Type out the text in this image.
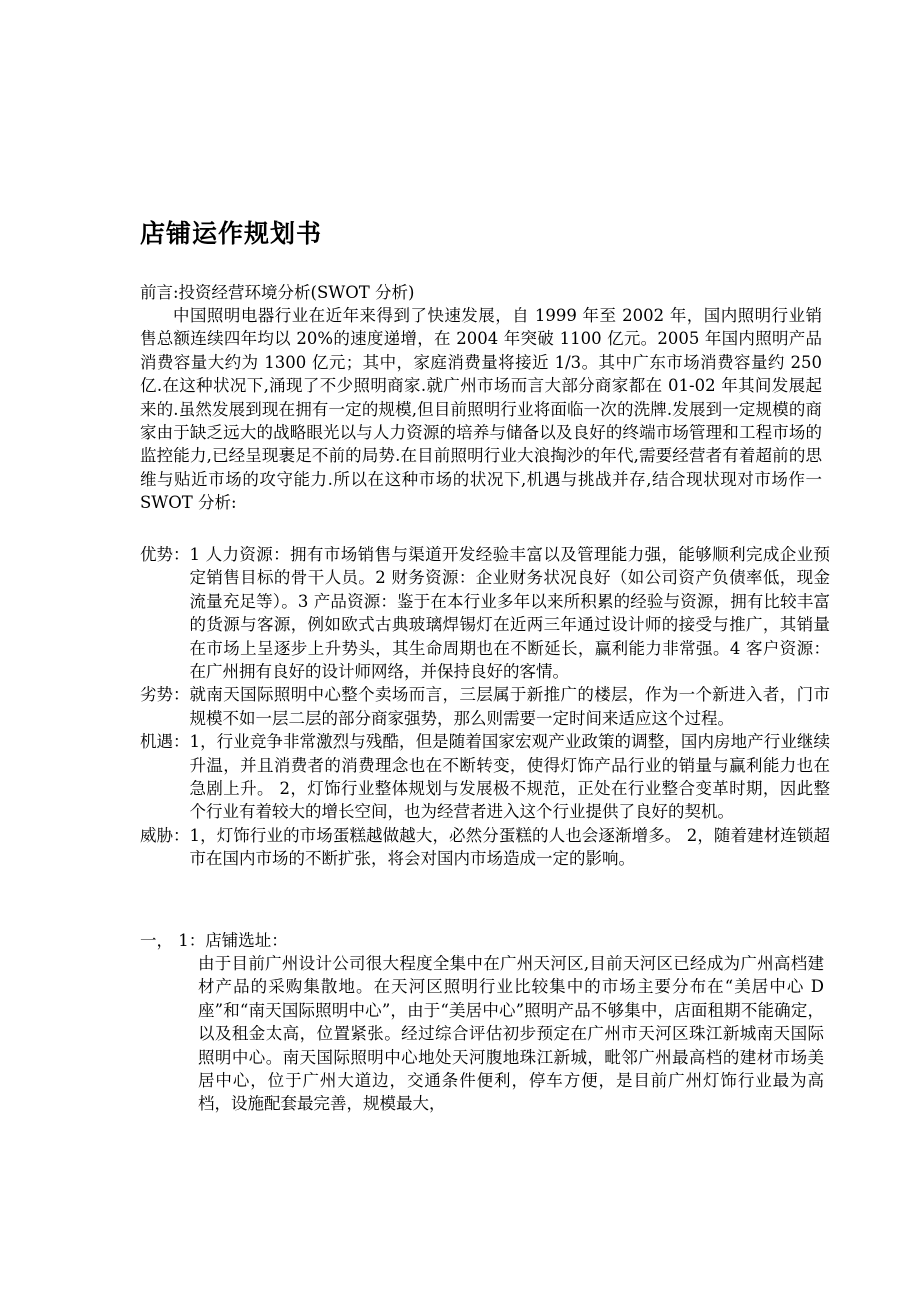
店铺运作规划书
前言:投资经营环境分析(SWOT 分析)

中国照明电器行业在近年来得到了快速发展，自 1999 年至 2002 年，国内照明行业销售总额连续四年均以 20%的速度递增，在 2004 年突破 1100 亿元。2005 年国内照明产品消费容量大约为 1300 亿元；其中，家庭消费量将接近 1/3。其中广东市场消费容量约 250 亿.在这种状况下,涌现了不少照明商家.就广州市场而言大部分商家都在 01-02 年其间发展起来的.虽然发展到现在拥有一定的规模,但目前照明行业将面临一次的洗牌.发展到一定规模的商家由于缺乏远大的战略眼光以与人力资源的培养与储备以及良好的终端市场管理和工程市场的监控能力,已经呈现裹足不前的局势.在目前照明行业大浪掏沙的年代,需要经营者有着超前的思维与贴近市场的攻守能力.所以在这种市场的状况下,机遇与挑战并存,结合现状现对市场作一 SWOT 分析:

优势： 1 人力资源：拥有市场销售与渠道开发经验丰富以及管理能力强，能够顺利完成企业预定销售目标的骨干人员。2 财务资源：企业财务状况良好（如公司资产负债率低，现金流量充足等）。3 产品资源：鉴于在本行业多年以来所积累的经验与资源，拥有比较丰富的货源与客源，例如欧式古典玻璃焊锡灯在近两三年通过设计师的接受与推广，其销量在市场上呈逐步上升势头，其生命周期也在不断延长，赢利能力非常强。4 客户资源：在广州拥有良好的设计师网络，并保持良好的客情。
劣势： 就南天国际照明中心整个卖场而言，三层属于新推广的楼层，作为一个新进入者，门市规模不如一层二层的部分商家强势，那么则需要一定时间来适应这个过程。
机遇： 1，行业竞争非常激烈与残酷，但是随着国家宏观产业政策的调整，国内房地产行业继续升温，并且消费者的消费理念也在不断转变，使得灯饰产品行业的销量与赢利能力也在急剧上升。 2，灯饰行业整体规划与发展极不规范，正处在行业整合变革时期，因此整个行业有着较大的增长空间，也为经营者进入这个行业提供了良好的契机。
威胁： 1，灯饰行业的市场蛋糕越做越大，必然分蛋糕的人也会逐渐增多。 2，随着建材连锁超市在国内市场的不断扩张，将会对国内市场造成一定的影响。
一， 1：店铺选址：

由于目前广州设计公司很大程度全集中在广州天河区,目前天河区已经成为广州高档建材产品的采购集散地。在天河区照明行业比较集中的市场主要分布在“美居中心 D 座”和“南天国际照明中心”，由于“美居中心”照明产品不够集中，店面租期不能确定，以及租金太高，位置紧张。经过综合评估初步预定在广州市天河区珠江新城南天国际照明中心。南天国际照明中心地处天河腹地珠江新城，毗邻广州最高档的建材市场美居中心，位于广州大道边，交通条件便利，停车方便，是目前广州灯饰行业最为高档，设施配套最完善，规模最大，
